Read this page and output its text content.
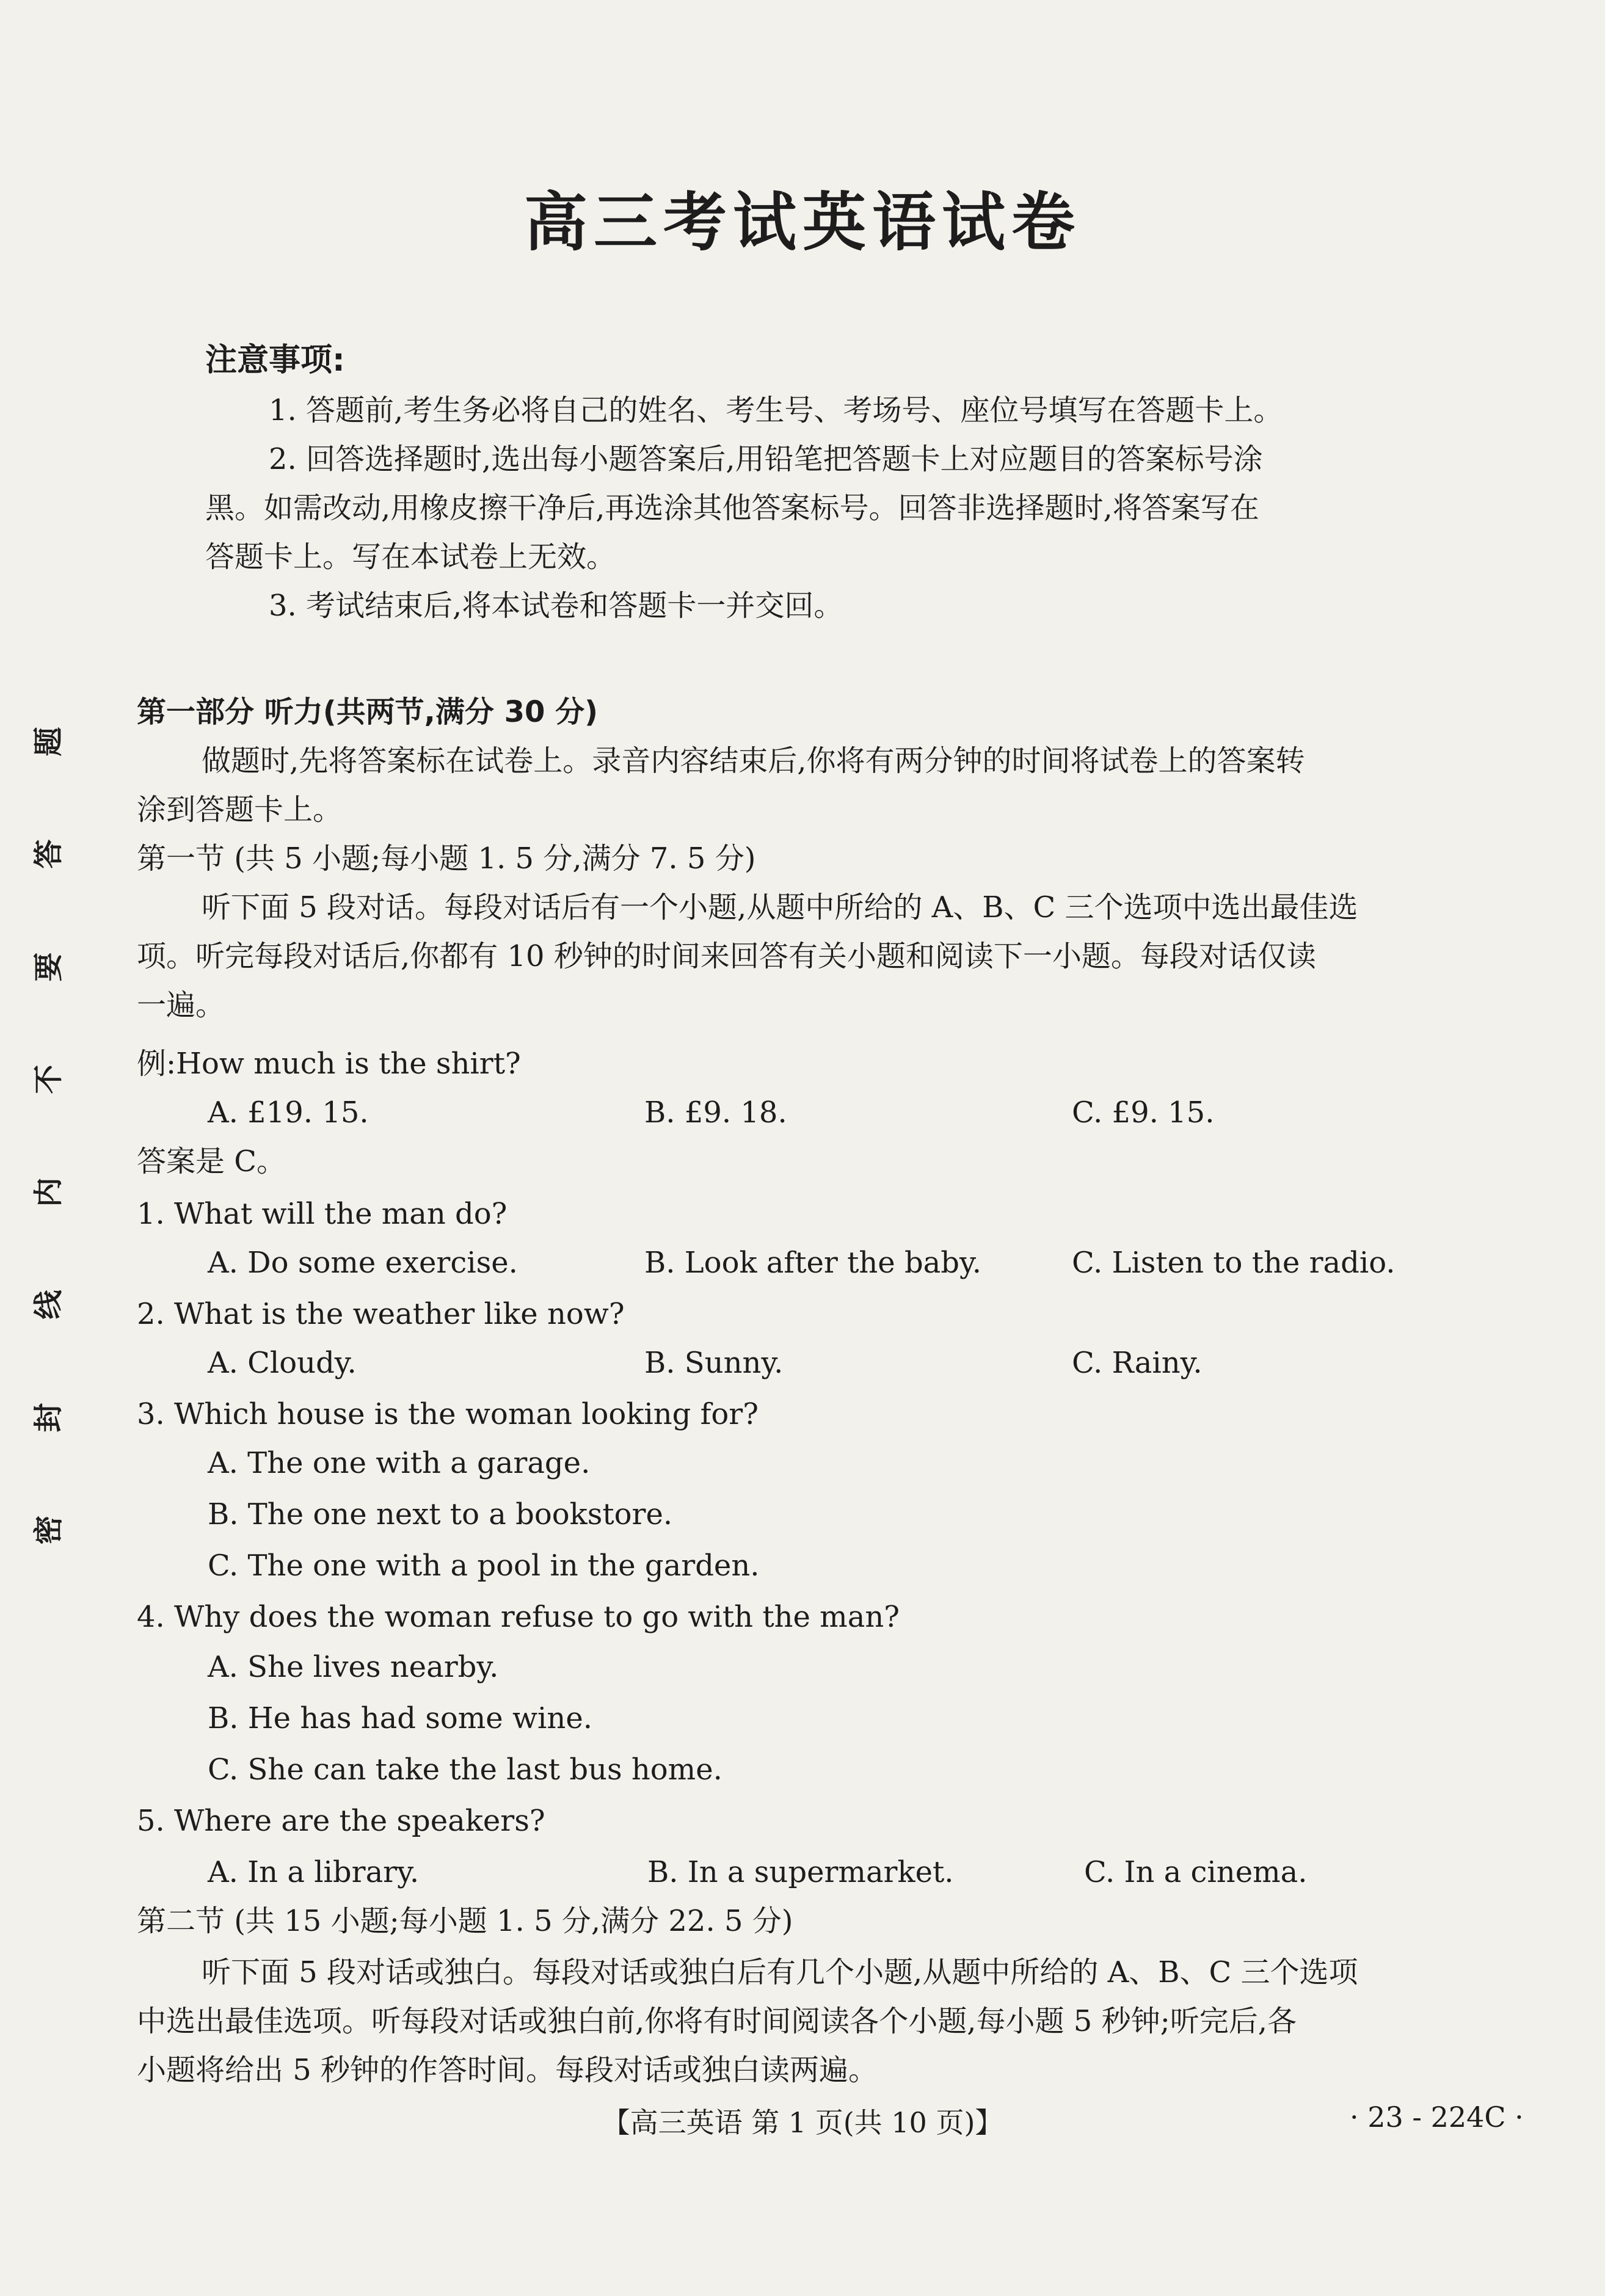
高三考试英语试卷
注意事项:
1. 答题前,考生务必将自己的姓名、考生号、考场号、座位号填写在答题卡上。
2. 回答选择题时,选出每小题答案后,用铅笔把答题卡上对应题目的答案标号涂
黑。如需改动,用橡皮擦干净后,再选涂其他答案标号。回答非选择题时,将答案写在
答题卡上。写在本试卷上无效。
3. 考试结束后,将本试卷和答题卡一并交回。
第一部分 听力(共两节,满分 30 分)
做题时,先将答案标在试卷上。录音内容结束后,你将有两分钟的时间将试卷上的答案转
涂到答题卡上。
第一节 (共 5 小题;每小题 1. 5 分,满分 7. 5 分)
听下面 5 段对话。每段对话后有一个小题,从题中所给的 A、B、C 三个选项中选出最佳选
项。听完每段对话后,你都有 10 秒钟的时间来回答有关小题和阅读下一小题。每段对话仅读
一遍。
例:How much is the shirt?
A. £19. 15.	B. £9. 18.	C. £9. 15.
答案是 C。
1. What will the man do?
A. Do some exercise.	B. Look after the baby.	C. Listen to the radio.
2. What is the weather like now?
A. Cloudy.	B. Sunny.	C. Rainy.
3. Which house is the woman looking for?
A. The one with a garage.
B. The one next to a bookstore.
C. The one with a pool in the garden.
4. Why does the woman refuse to go with the man?
A. She lives nearby.
B. He has had some wine.
C. She can take the last bus home.
5. Where are the speakers?
A. In a library.	B. In a supermarket.	C. In a cinema.
第二节 (共 15 小题;每小题 1. 5 分,满分 22. 5 分)
听下面 5 段对话或独白。每段对话或独白后有几个小题,从题中所给的 A、B、C 三个选项
中选出最佳选项。听每段对话或独白前,你将有时间阅读各个小题,每小题 5 秒钟;听完后,各
小题将给出 5 秒钟的作答时间。每段对话或独白读两遍。
题
答
要
不
内
线
封
密
【高三英语 第 1 页(共 10 页)】	· 23 - 224C ·
